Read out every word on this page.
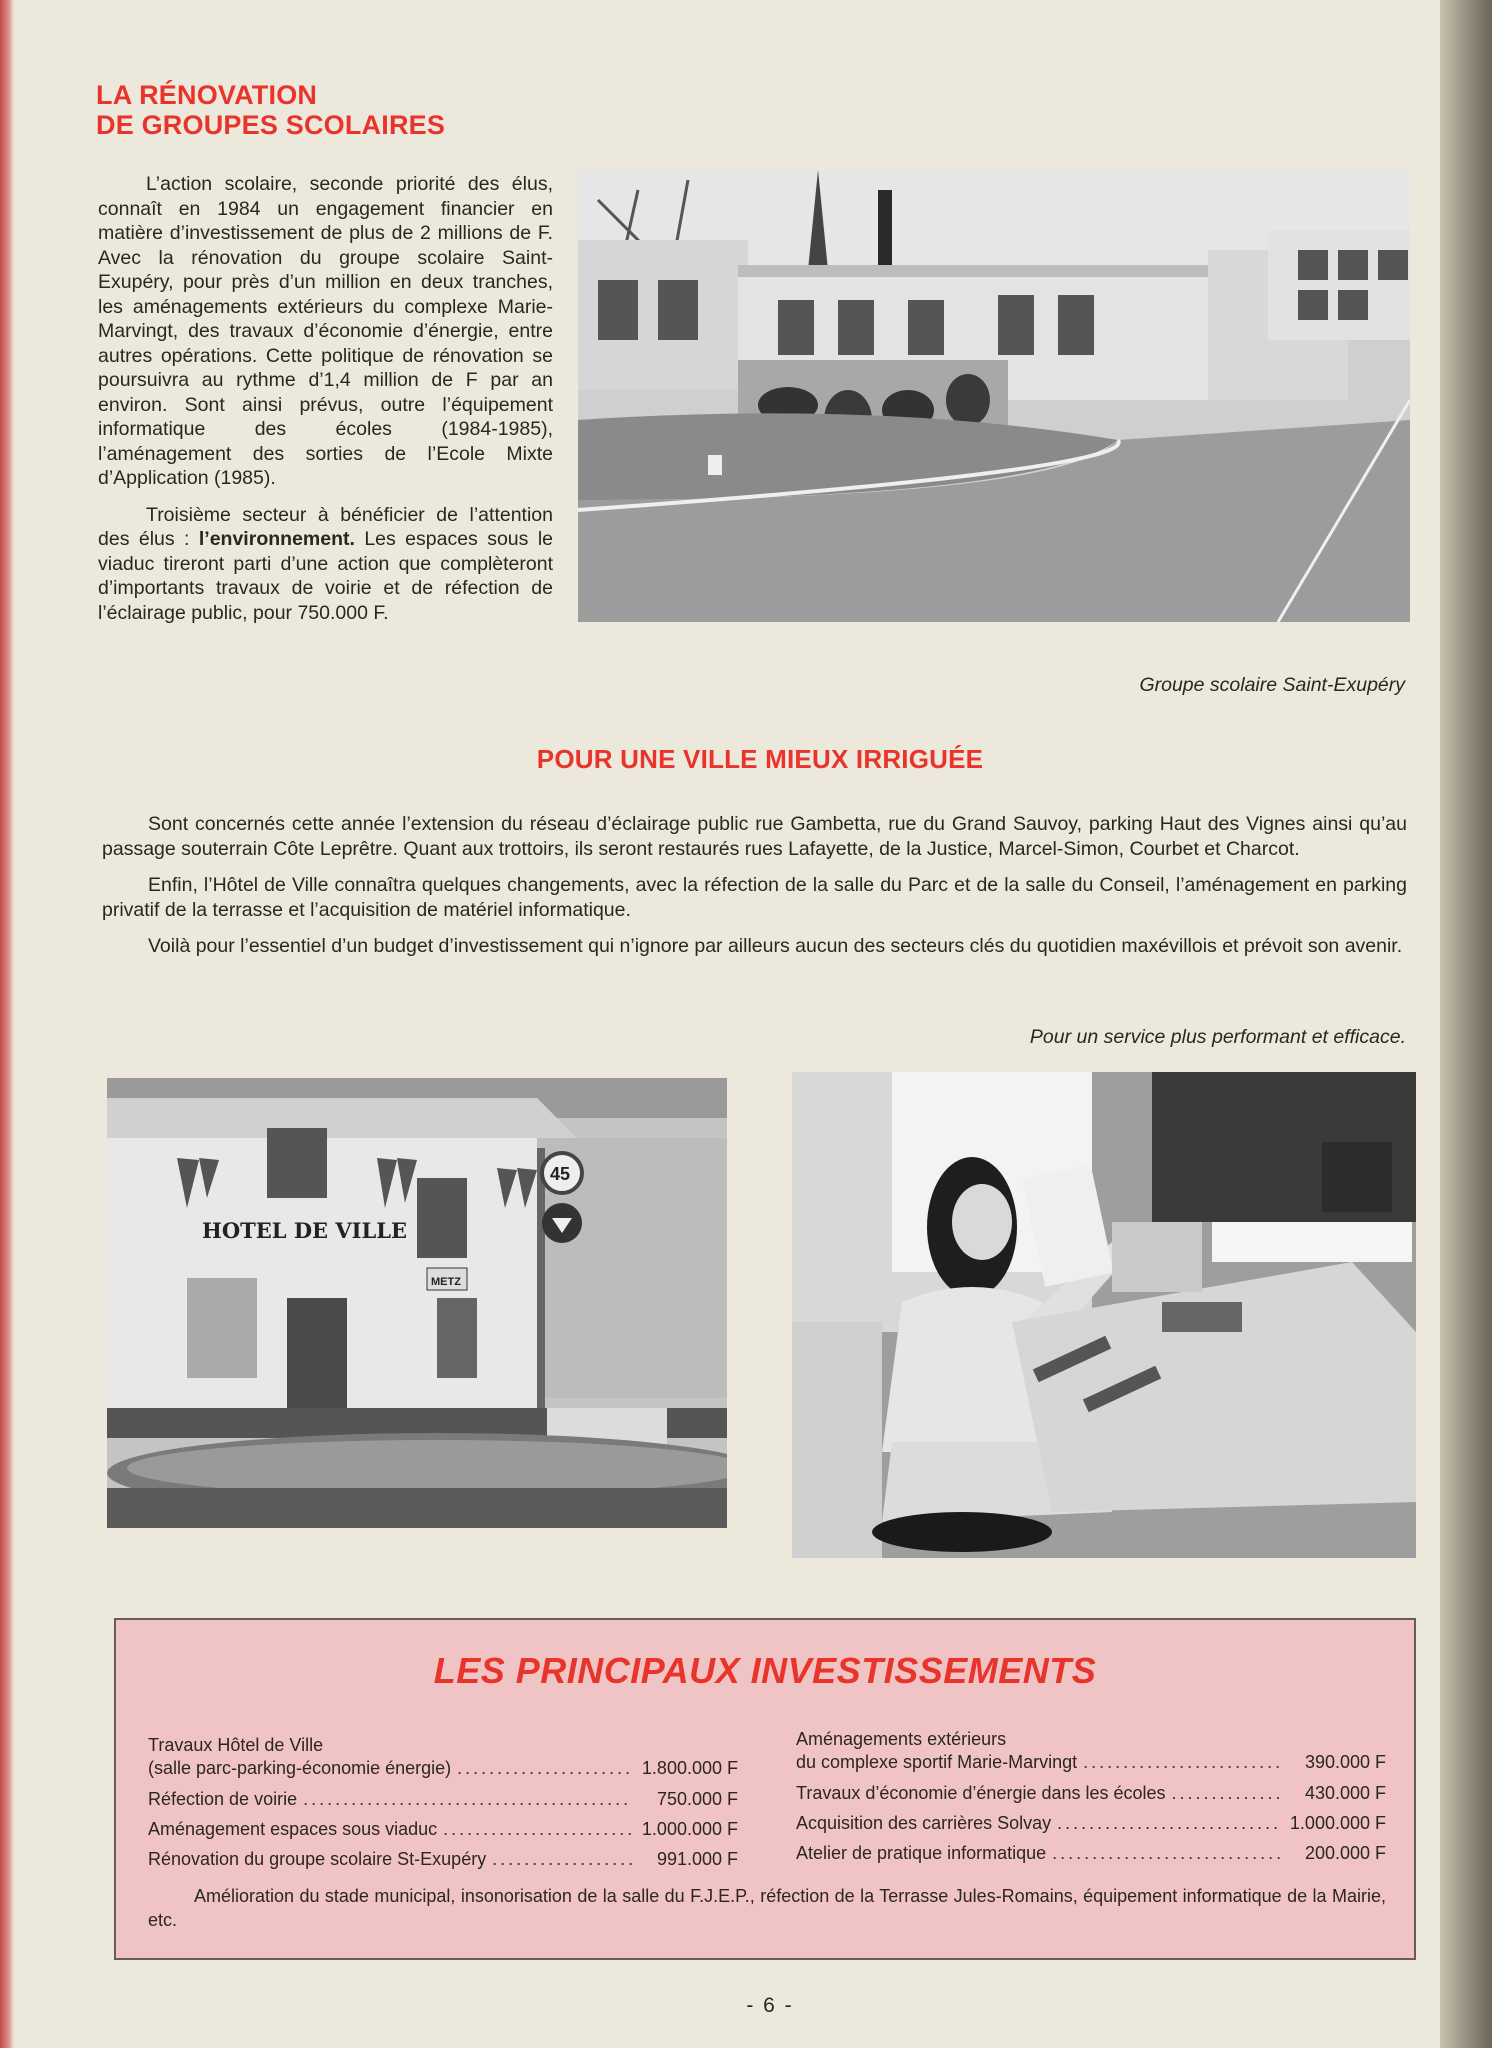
LA RÉNOVATION
DE GROUPES SCOLAIRES

L’action scolaire, seconde priorité des élus, connaît en 1984 un engagement financier en matière d’investissement de plus de 2 millions de F. Avec la rénovation du groupe scolaire Saint-Exupéry, pour près d’un million en deux tranches, les aménagements extérieurs du complexe Marie-Marvingt, des travaux d’économie d’énergie, entre autres opérations. Cette politique de rénovation se poursuivra au rythme d’1,4 million de F par an environ. Sont ainsi prévus, outre l’équipement informatique des écoles (1984-1985), l’aménagement des sorties de l’Ecole Mixte d’Application (1985).

Troisième secteur à bénéficier de l’attention des élus : l’environnement. Les espaces sous le viaduc tireront parti d’une action que complèteront d’importants travaux de voirie et de réfection de l’éclairage public, pour 750.000 F.

Groupe scolaire Saint-Exupéry
POUR UNE VILLE MIEUX IRRIGUÉE

Sont concernés cette année l’extension du réseau d’éclairage public rue Gambetta, rue du Grand Sauvoy, parking Haut des Vignes ainsi qu’au passage souterrain Côte Leprêtre. Quant aux trottoirs, ils seront restaurés rues Lafayette, de la Justice, Marcel-Simon, Courbet et Charcot.

Enfin, l’Hôtel de Ville connaîtra quelques changements, avec la réfection de la salle du Parc et de la salle du Conseil, l’aménagement en parking privatif de la terrasse et l’acquisition de matériel informatique.

Voilà pour l’essentiel d’un budget d’investissement qui n’ignore par ailleurs aucun des secteurs clés du quotidien maxévillois et prévoit son avenir.

Pour un service plus performant et efficace.
HOTEL DE VILLE
45
METZ
LES PRINCIPAUX INVESTISSEMENTS
Travaux Hôtel de Ville
(salle parc-parking-économie énergie) .....	1.800.000 F
Réfection de voirie .....	750.000 F
Aménagement espaces sous viaduc .....	1.000.000 F
Rénovation du groupe scolaire St-Exupéry .....	991.000 F
Aménagements extérieurs
du complexe sportif Marie-Marvingt .....	390.000 F
Travaux d’économie d’énergie dans les écoles .....	430.000 F
Acquisition des carrières Solvay .....	1.000.000 F
Atelier de pratique informatique .....	200.000 F
Amélioration du stade municipal, insonorisation de la salle du F.J.E.P., réfection de la Terrasse Jules-Romains, équipement informatique de la Mairie, etc.
- 6 -
